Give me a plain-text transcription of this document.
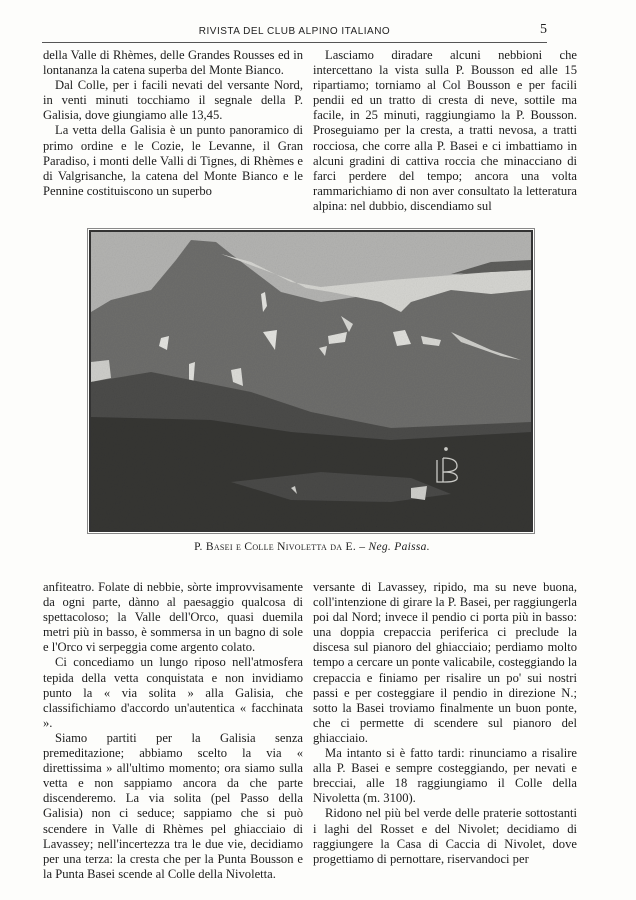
RIVISTA DEL CLUB ALPINO ITALIANO	5

della Valle di Rhèmes, delle Grandes Rousses ed in lontananza la catena superba del Monte Bianco.

Dal Colle, per i facili nevati del versante Nord, in venti minuti tocchiamo il segnale della P. Galisia, dove giungiamo alle 13,45.

La vetta della Galisia è un punto panoramico di primo ordine e le Cozie, le Levanne, il Gran Paradiso, i monti delle Valli di Tignes, di Rhèmes e di Valgrisanche, la catena del Monte Bianco e le Pennine costituiscono un superbo

Lasciamo diradare alcuni nebbioni che intercettano la vista sulla P. Bousson ed alle 15 ripartiamo; torniamo al Col Bousson e per facili pendii ed un tratto di cresta di neve, sottile ma facile, in 25 minuti, raggiungiamo la P. Bousson. Proseguiamo per la cresta, a tratti nevosa, a tratti rocciosa, che corre alla P. Basei e ci imbattiamo in alcuni gradini di cattiva roccia che minacciano di farci perdere del tempo; ancora una volta rammarichiamo di non aver consultato la letteratura alpina: nel dubbio, discendiamo sul

P. Basei e Colle Nivoletta da E. – Neg. Paissa.

anfiteatro. Folate di nebbie, sòrte improvvisamente da ogni parte, dànno al paesaggio qualcosa di spettacoloso; la Valle dell'Orco, quasi duemila metri più in basso, è sommersa in un bagno di sole e l'Orco vi serpeggia come argento colato.

Ci concediamo un lungo riposo nell'atmosfera tepida della vetta conquistata e non invidiamo punto la « via solita » alla Galisia, che classifichiamo d'accordo un'autentica « facchinata ».

Siamo partiti per la Galisia senza premeditazione; abbiamo scelto la via « direttissima » all'ultimo momento; ora siamo sulla vetta e non sappiamo ancora da che parte discenderemo. La via solita (pel Passo della Galisia) non ci seduce; sappiamo che si può scendere in Valle di Rhèmes pel ghiacciaio di Lavassey; nell'incertezza tra le due vie, decidiamo per una terza: la cresta che per la Punta Bousson e la Punta Basei scende al Colle della Nivoletta.

versante di Lavassey, ripido, ma su neve buona, coll'intenzione di girare la P. Basei, per raggiungerla poi dal Nord; invece il pendio ci porta più in basso: una doppia crepaccia periferica ci preclude la discesa sul pianoro del ghiacciaio; perdiamo molto tempo a cercare un ponte valicabile, costeggiando la crepaccia e finiamo per risalire un po' sui nostri passi e per costeggiare il pendio in direzione N.; sotto la Basei troviamo finalmente un buon ponte, che ci permette di scendere sul pianoro del ghiacciaio.

Ma intanto si è fatto tardi: rinunciamo a risalire alla P. Basei e sempre costeggiando, per nevati e brecciai, alle 18 raggiungiamo il Colle della Nivoletta (m. 3100).

Ridono nel più bel verde delle praterie sottostanti i laghi del Rosset e del Nivolet; decidiamo di raggiungere la Casa di Caccia di Nivolet, dove progettiamo di pernottare, riservandoci per
